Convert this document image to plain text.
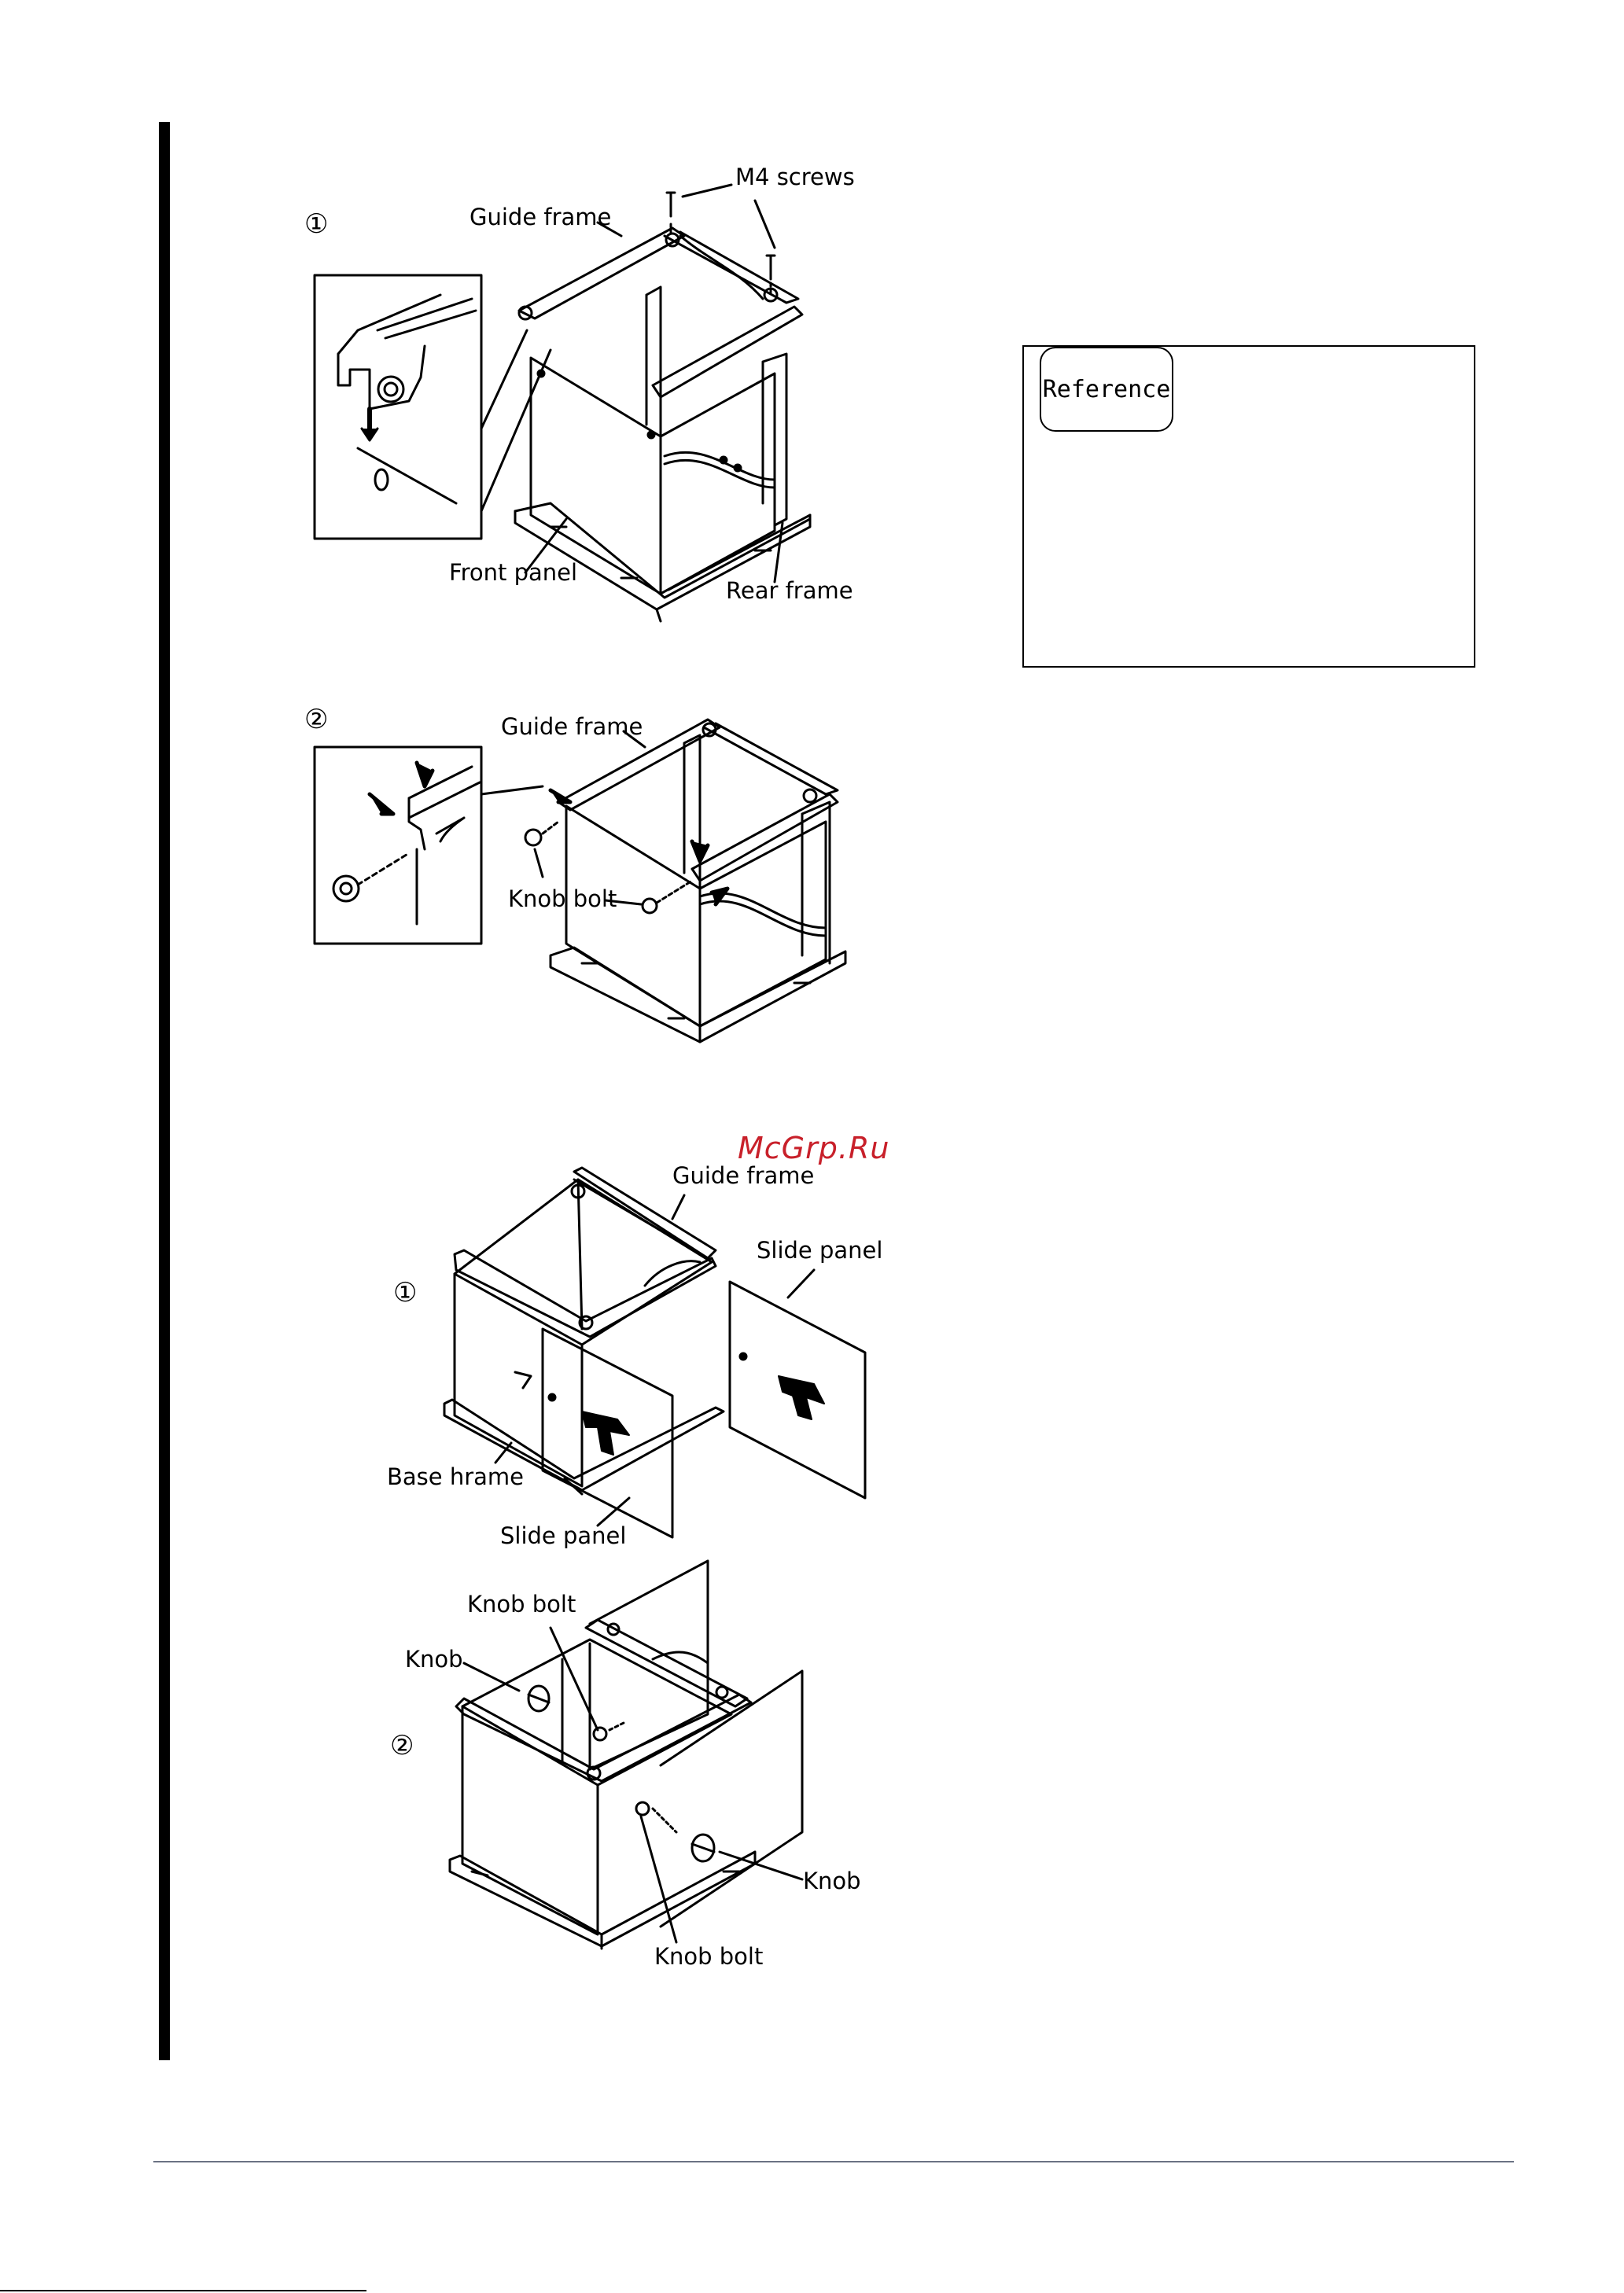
①
②
①
②
M4 screws
Guide frame
Front panel
Rear frame
Guide frame
Knob bolt
McGrp.Ru
Guide frame
Slide panel
Base hrame
Slide panel
Knob bolt
Knob
Knob
Knob bolt
Reference
